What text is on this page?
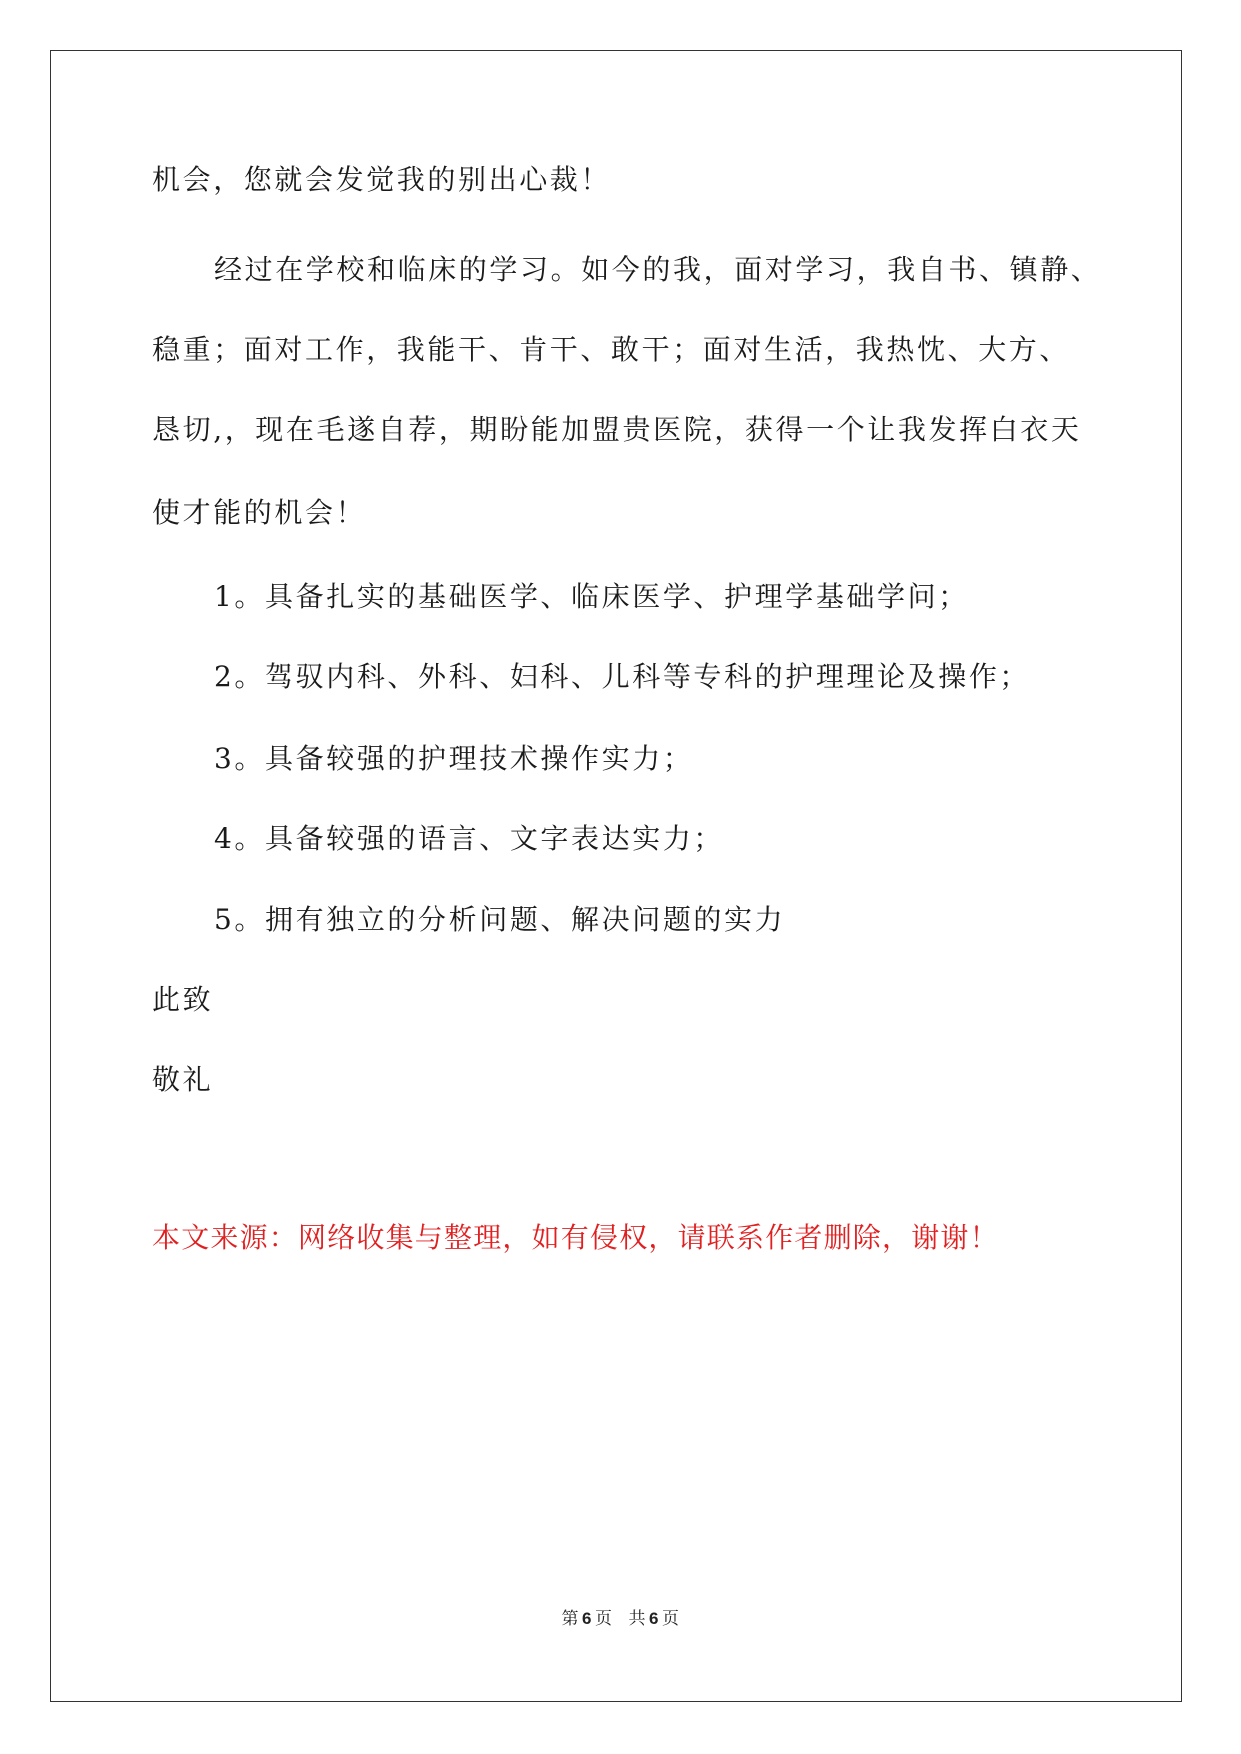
机会，您就会发觉我的别出心裁！
经过在学校和临床的学习。如今的我，面对学习，我自书、镇静、
稳重；面对工作，我能干、肯干、敢干；面对生活，我热忱、大方、
恳切,，现在毛遂自荐，期盼能加盟贵医院，获得一个让我发挥白衣天
使才能的机会！
1。具备扎实的基础医学、临床医学、护理学基础学问；
2。驾驭内科、外科、妇科、儿科等专科的护理理论及操作；
3。具备较强的护理技术操作实力；
4。具备较强的语言、文字表达实力；
5。拥有独立的分析问题、解决问题的实力
此致
敬礼
本文来源：网络收集与整理，如有侵权，请联系作者删除，谢谢！
第 6 页 共 6 页
